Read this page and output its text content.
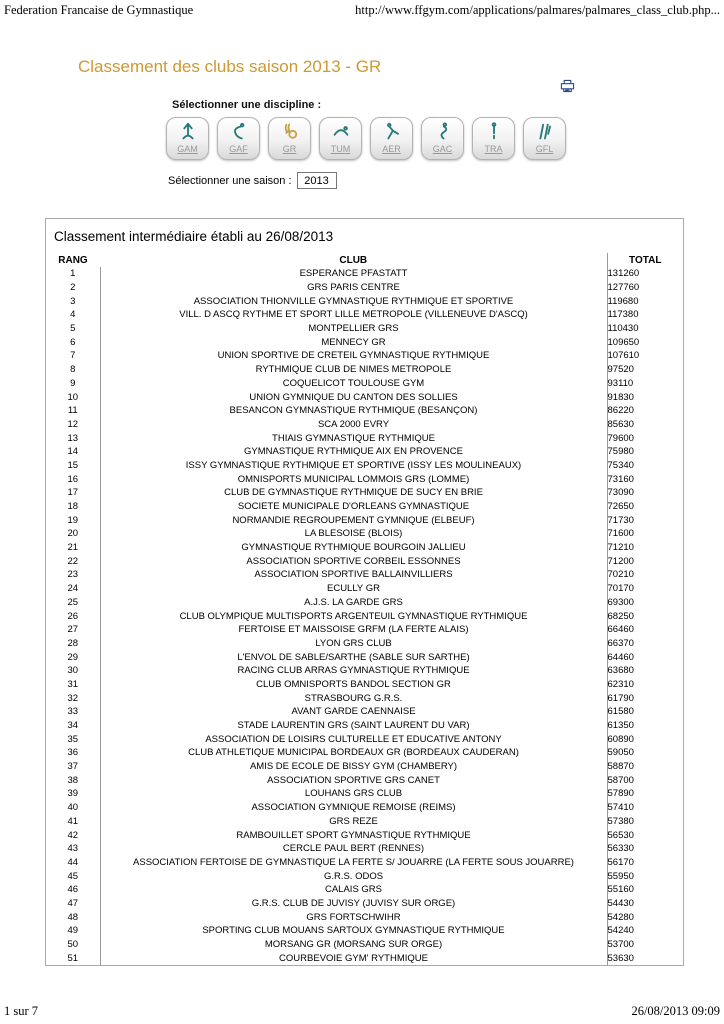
Federation Francaise de Gymnastique	http://www.ffgym.com/applications/palmares/palmares_class_club.php...
Classement des clubs saison 2013 - GR
Sélectionner une discipline :
GAM	GAF	GR	TUM	AER	GAC	TRA	GFL
Sélectionner une saison :
2013
Classement intermédiaire établi au 26/08/2013
RANG	CLUB	TOTAL
1	ESPERANCE PFASTATT	131260
2	GRS PARIS CENTRE	127760
3	ASSOCIATION THIONVILLE GYMNASTIQUE RYTHMIQUE ET SPORTIVE	119680
4	VILL. D ASCQ RYTHME ET SPORT LILLE METROPOLE (VILLENEUVE D'ASCQ)	117380
5	MONTPELLIER GRS	110430
6	MENNECY GR	109650
7	UNION SPORTIVE DE CRETEIL GYMNASTIQUE RYTHMIQUE	107610
8	RYTHMIQUE CLUB DE NIMES METROPOLE	97520
9	COQUELICOT TOULOUSE GYM	93110
10	UNION GYMNIQUE DU CANTON DES SOLLIES	91830
11	BESANCON GYMNASTIQUE RYTHMIQUE (BESANÇON)	86220
12	SCA 2000 EVRY	85630
13	THIAIS GYMNASTIQUE RYTHMIQUE	79600
14	GYMNASTIQUE RYTHMIQUE AIX EN PROVENCE	75980
15	ISSY GYMNASTIQUE RYTHMIQUE ET SPORTIVE (ISSY LES MOULINEAUX)	75340
16	OMNISPORTS MUNICIPAL LOMMOIS GRS (LOMME)	73160
17	CLUB DE GYMNASTIQUE RYTHMIQUE DE SUCY EN BRIE	73090
18	SOCIETE MUNICIPALE D'ORLEANS GYMNASTIQUE	72650
19	NORMANDIE REGROUPEMENT GYMNIQUE (ELBEUF)	71730
20	LA BLESOISE (BLOIS)	71600
21	GYMNASTIQUE RYTHMIQUE BOURGOIN JALLIEU	71210
22	ASSOCIATION SPORTIVE CORBEIL ESSONNES	71200
23	ASSOCIATION SPORTIVE BALLAINVILLIERS	70210
24	ECULLY GR	70170
25	A.J.S. LA GARDE GRS	69300
26	CLUB OLYMPIQUE MULTISPORTS ARGENTEUIL GYMNASTIQUE RYTHMIQUE	68250
27	FERTOISE ET MAISSOISE GRFM (LA FERTE ALAIS)	66460
28	LYON GRS CLUB	66370
29	L'ENVOL DE SABLE/SARTHE (SABLE SUR SARTHE)	64460
30	RACING CLUB ARRAS GYMNASTIQUE RYTHMIQUE	63680
31	CLUB OMNISPORTS BANDOL SECTION GR	62310
32	STRASBOURG G.R.S.	61790
33	AVANT GARDE CAENNAISE	61580
34	STADE LAURENTIN GRS (SAINT LAURENT DU VAR)	61350
35	ASSOCIATION DE LOISIRS CULTURELLE ET EDUCATIVE ANTONY	60890
36	CLUB ATHLETIQUE MUNICIPAL BORDEAUX GR (BORDEAUX CAUDERAN)	59050
37	AMIS DE ECOLE DE BISSY GYM (CHAMBERY)	58870
38	ASSOCIATION SPORTIVE GRS CANET	58700
39	LOUHANS GRS CLUB	57890
40	ASSOCIATION GYMNIQUE REMOISE (REIMS)	57410
41	GRS REZE	57380
42	RAMBOUILLET SPORT GYMNASTIQUE RYTHMIQUE	56530
43	CERCLE PAUL BERT (RENNES)	56330
44	ASSOCIATION FERTOISE DE GYMNASTIQUE LA FERTE S/ JOUARRE (LA FERTE SOUS JOUARRE)	56170
45	G.R.S. ODOS	55950
46	CALAIS GRS	55160
47	G.R.S. CLUB DE JUVISY (JUVISY SUR ORGE)	54430
48	GRS FORTSCHWIHR	54280
49	SPORTING CLUB MOUANS SARTOUX GYMNASTIQUE RYTHMIQUE	54240
50	MORSANG GR (MORSANG SUR ORGE)	53700
51	COURBEVOIE GYM' RYTHMIQUE	53630
1 sur 7	26/08/2013 09:09
